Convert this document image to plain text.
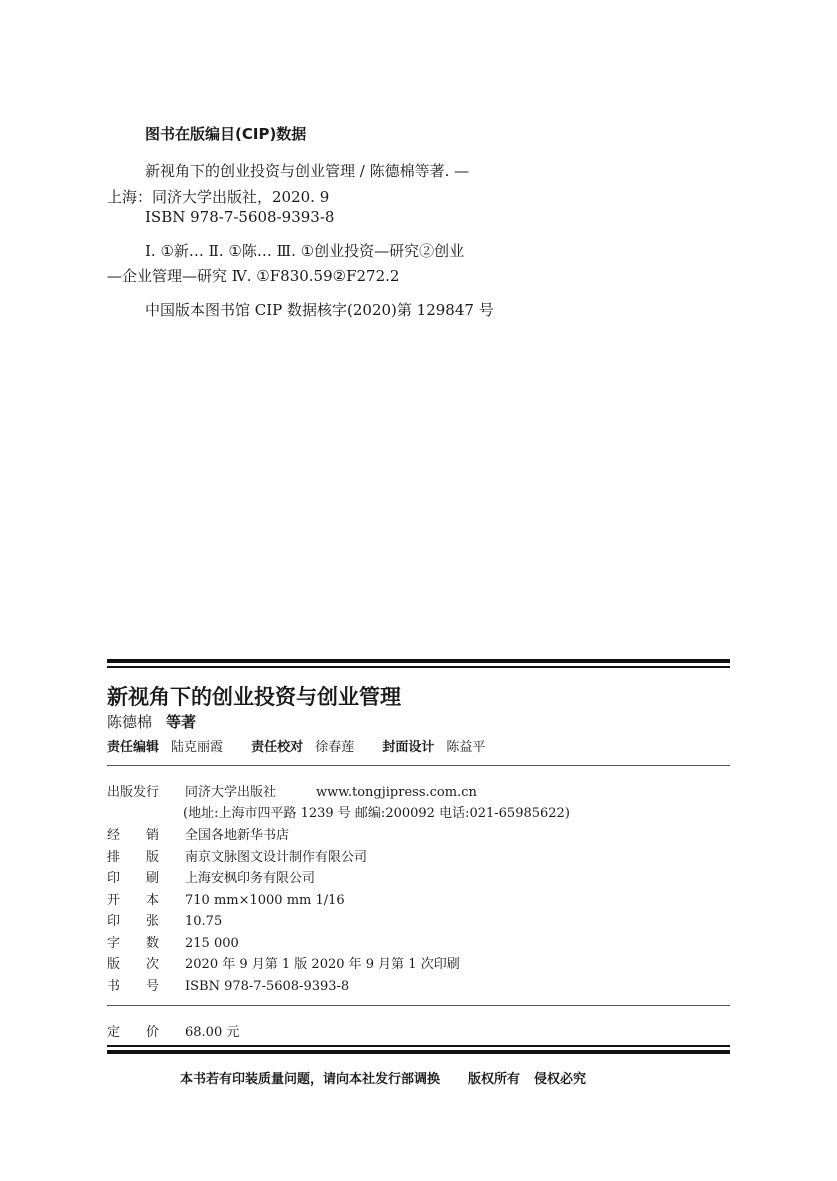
图书在版编目(CIP)数据
新视角下的创业投资与创业管理 / 陈德棉等著. —
上海：同济大学出版社，2020. 9
ISBN 978-7-5608-9393-8
Ⅰ. ①新… Ⅱ. ①陈… Ⅲ. ①创业投资—研究②创业
—企业管理—研究 Ⅳ. ①F830.59②F272.2
中国版本图书馆 CIP 数据核字(2020)第 129847 号
新视角下的创业投资与创业管理
陈德棉 等著
责任编辑 陆克丽霞 责任校对 徐春莲 封面设计 陈益平
出版发行 同济大学出版社	www.tongjipress.com.cn
(地址:上海市四平路 1239 号 邮编:200092 电话:021-65985622)
经 销 全国各地新华书店
排 版 南京文脉图文设计制作有限公司
印 刷 上海安枫印务有限公司
开 本 710 mm×1000 mm 1/16
印 张 10.75
字 数 215 000
版 次 2020 年 9 月第 1 版 2020 年 9 月第 1 次印刷
书 号 ISBN 978-7-5608-9393-8
定 价 68.00 元
本书若有印装质量问题，请向本社发行部调换 版权所有 侵权必究
